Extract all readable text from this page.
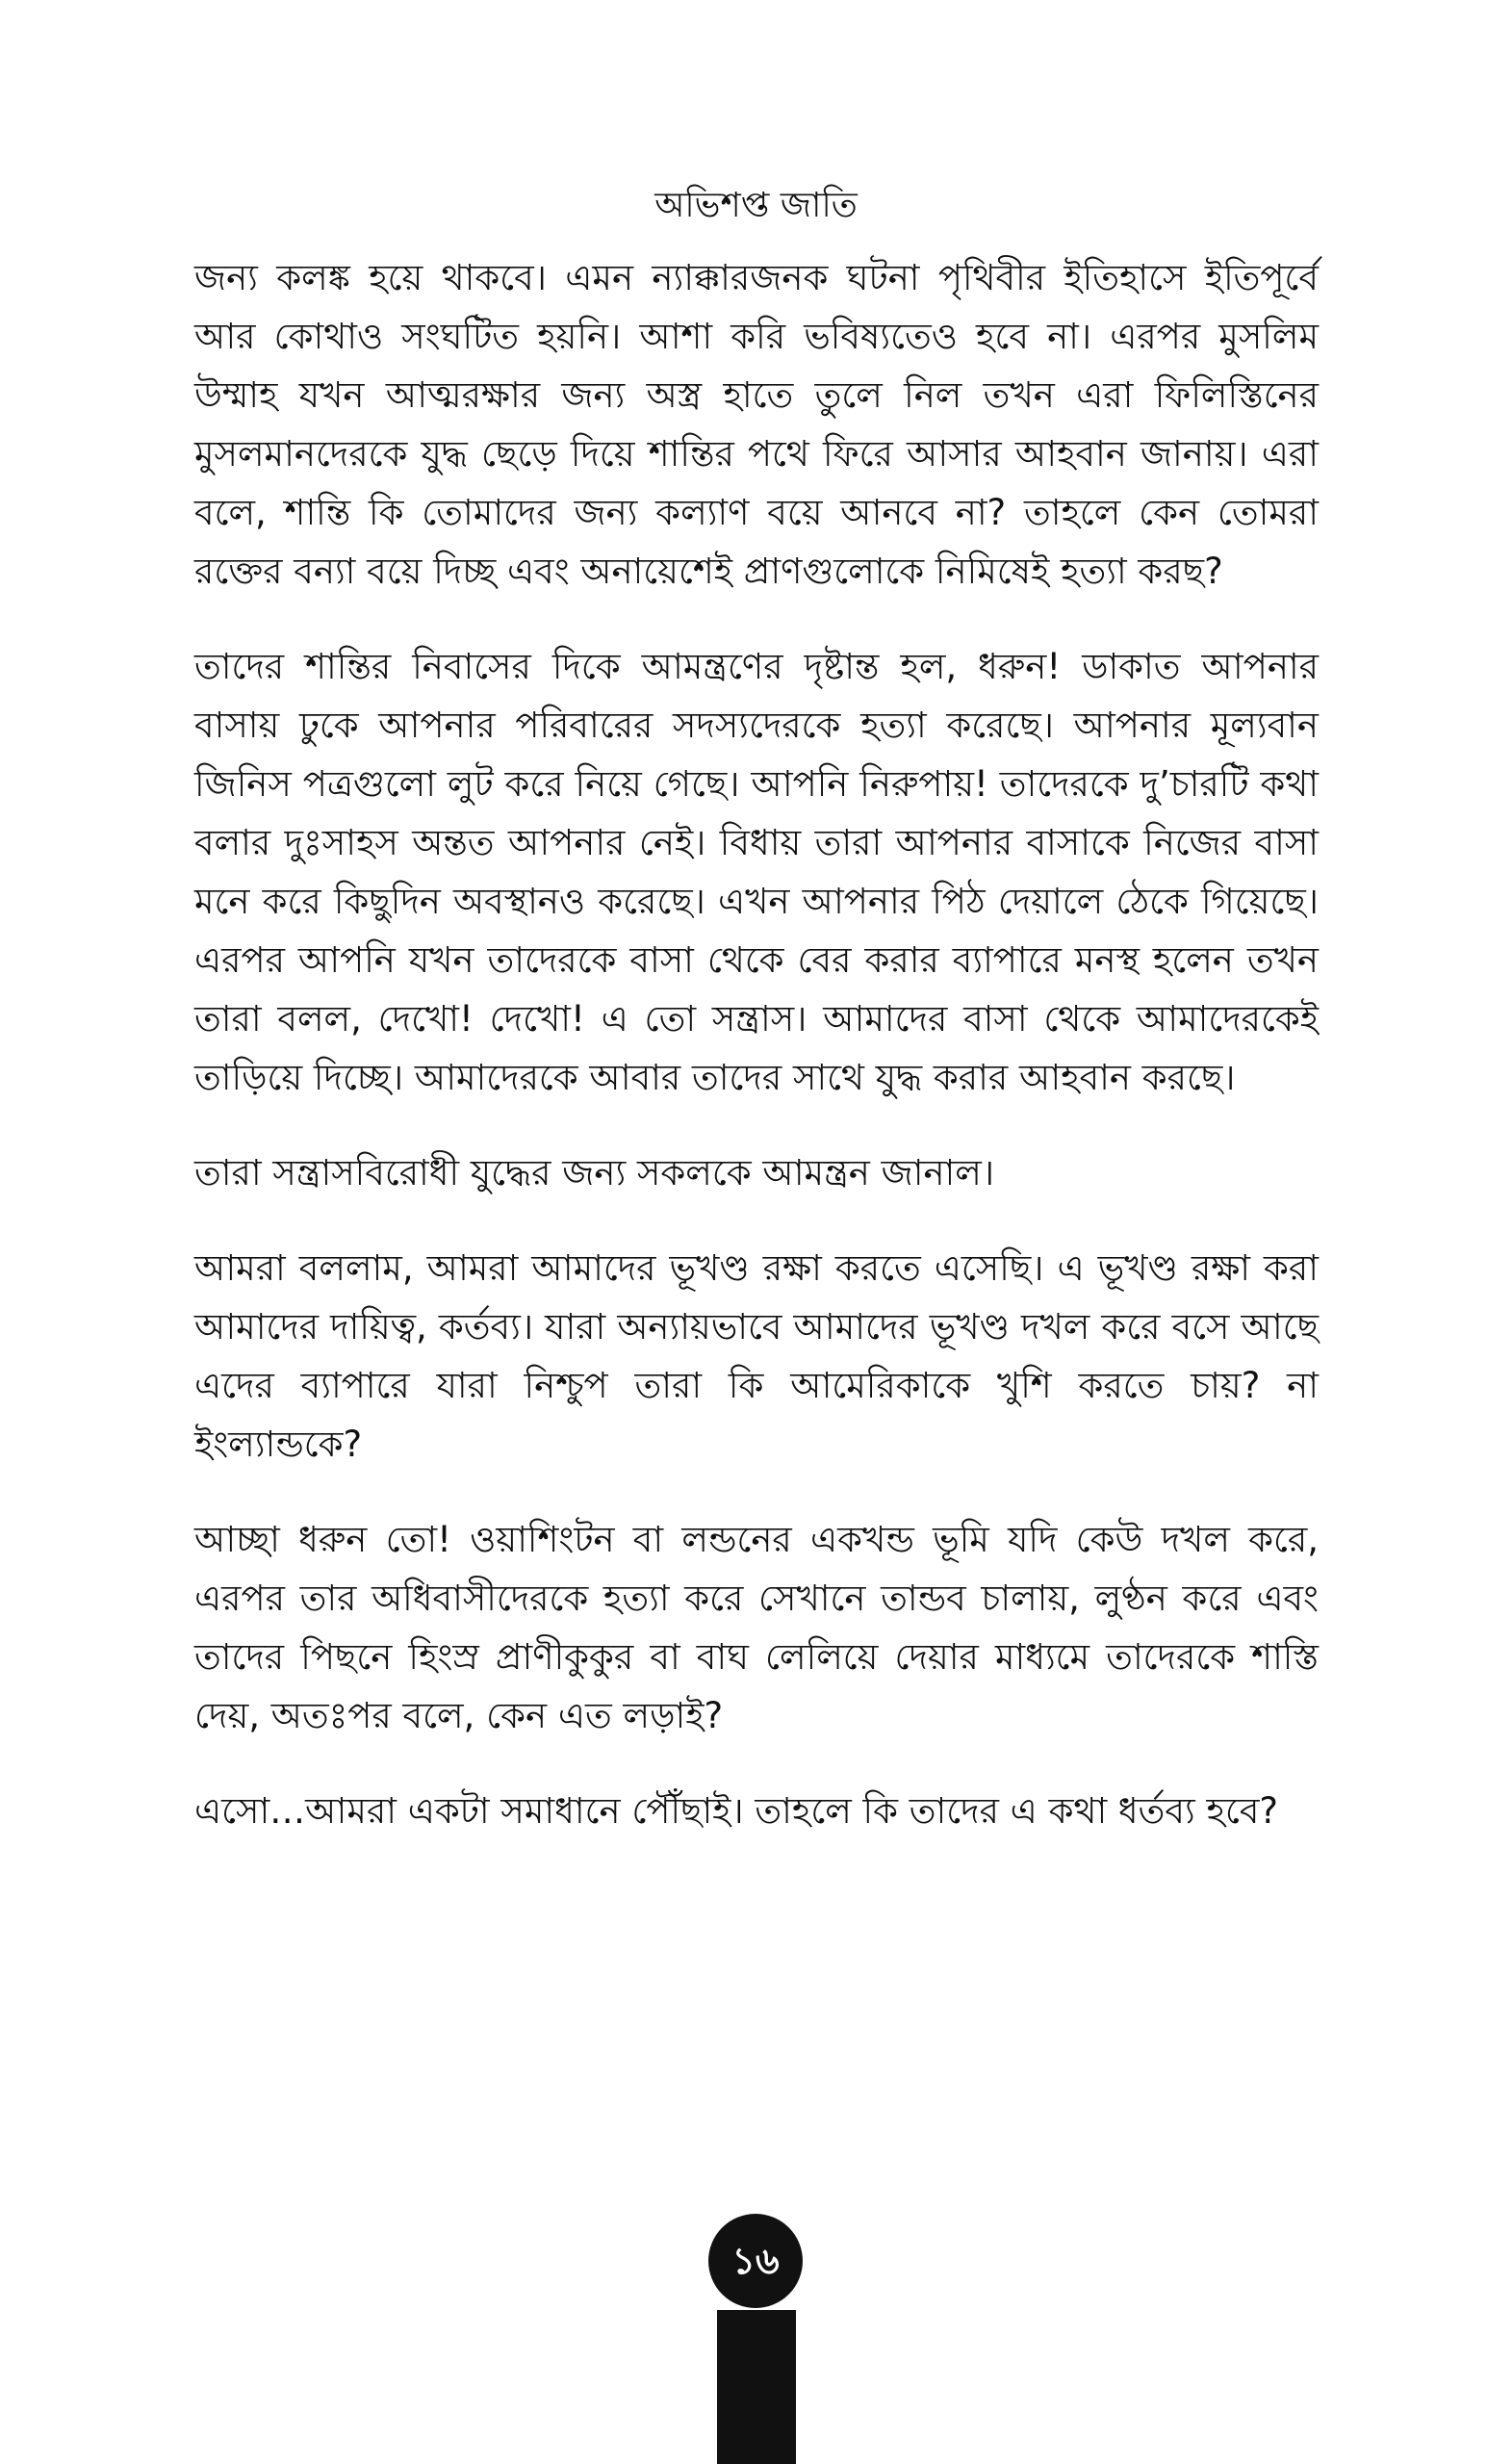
অভিশপ্ত জাতি

জন্য কলঙ্ক হয়ে থাকবে। এমন ন্যাক্কারজনক ঘটনা পৃথিবীর ইতিহাসে ইতিপূর্বে আর কোথাও সংঘটিত হয়নি। আশা করি ভবিষ্যতেও হবে না। এরপর মুসলিম উম্মাহ যখন আত্মরক্ষার জন্য অস্ত্র হাতে তুলে নিল তখন এরা ফিলিস্তিনের মুসলমানদেরকে যুদ্ধ ছেড়ে দিয়ে শান্তির পথে ফিরে আসার আহবান জানায়। এরা বলে, শান্তি কি তোমাদের জন্য কল্যাণ বয়ে আনবে না? তাহলে কেন তোমরা রক্তের বন্যা বয়ে দিচ্ছ এবং অনায়েশেই প্রাণগুলোকে নিমিষেই হত্যা করছ?

তাদের শান্তির নিবাসের দিকে আমন্ত্রণের দৃষ্টান্ত হল, ধরুন! ডাকাত আপনার বাসায় ঢুকে আপনার পরিবারের সদস্যদেরকে হত্যা করেছে। আপনার মূল্যবান জিনিস পত্রগুলো লুট করে নিয়ে গেছে। আপনি নিরুপায়! তাদেরকে দু’চারটি কথা বলার দুঃসাহস অন্তত আপনার নেই। বিধায় তারা আপনার বাসাকে নিজের বাসা মনে করে কিছুদিন অবস্থানও করেছে। এখন আপনার পিঠ দেয়ালে ঠেকে গিয়েছে। এরপর আপনি যখন তাদেরকে বাসা থেকে বের করার ব্যাপারে মনস্থ হলেন তখন তারা বলল, দেখো! দেখো! এ তো সন্ত্রাস। আমাদের বাসা থেকে আমাদেরকেই তাড়িয়ে দিচ্ছে। আমাদেরকে আবার তাদের সাথে যুদ্ধ করার আহবান করছে।

তারা সন্ত্রাসবিরোধী যুদ্ধের জন্য সকলকে আমন্ত্রন জানাল।

আমরা বললাম, আমরা আমাদের ভূখণ্ড রক্ষা করতে এসেছি। এ ভূখণ্ড রক্ষা করা আমাদের দায়িত্ব, কর্তব্য। যারা অন্যায়ভাবে আমাদের ভূখণ্ড দখল করে বসে আছে এদের ব্যাপারে যারা নিশ্চুপ তারা কি আমেরিকাকে খুশি করতে চায়? না ইংল্যান্ডকে?

আচ্ছা ধরুন তো! ওয়াশিংটন বা লন্ডনের একখন্ড ভূমি যদি কেউ দখল করে, এরপর তার অধিবাসীদেরকে হত্যা করে সেখানে তান্ডব চালায়, লুণ্ঠন করে এবং তাদের পিছনে হিংস্র প্রাণীকুকুর বা বাঘ লেলিয়ে দেয়ার মাধ্যমে তাদেরকে শাস্তি দেয়, অতঃপর বলে, কেন এত লড়াই?

এসো…আমরা একটা সমাধানে পৌঁছাই। তাহলে কি তাদের এ কথা ধর্তব্য হবে?

১৬
